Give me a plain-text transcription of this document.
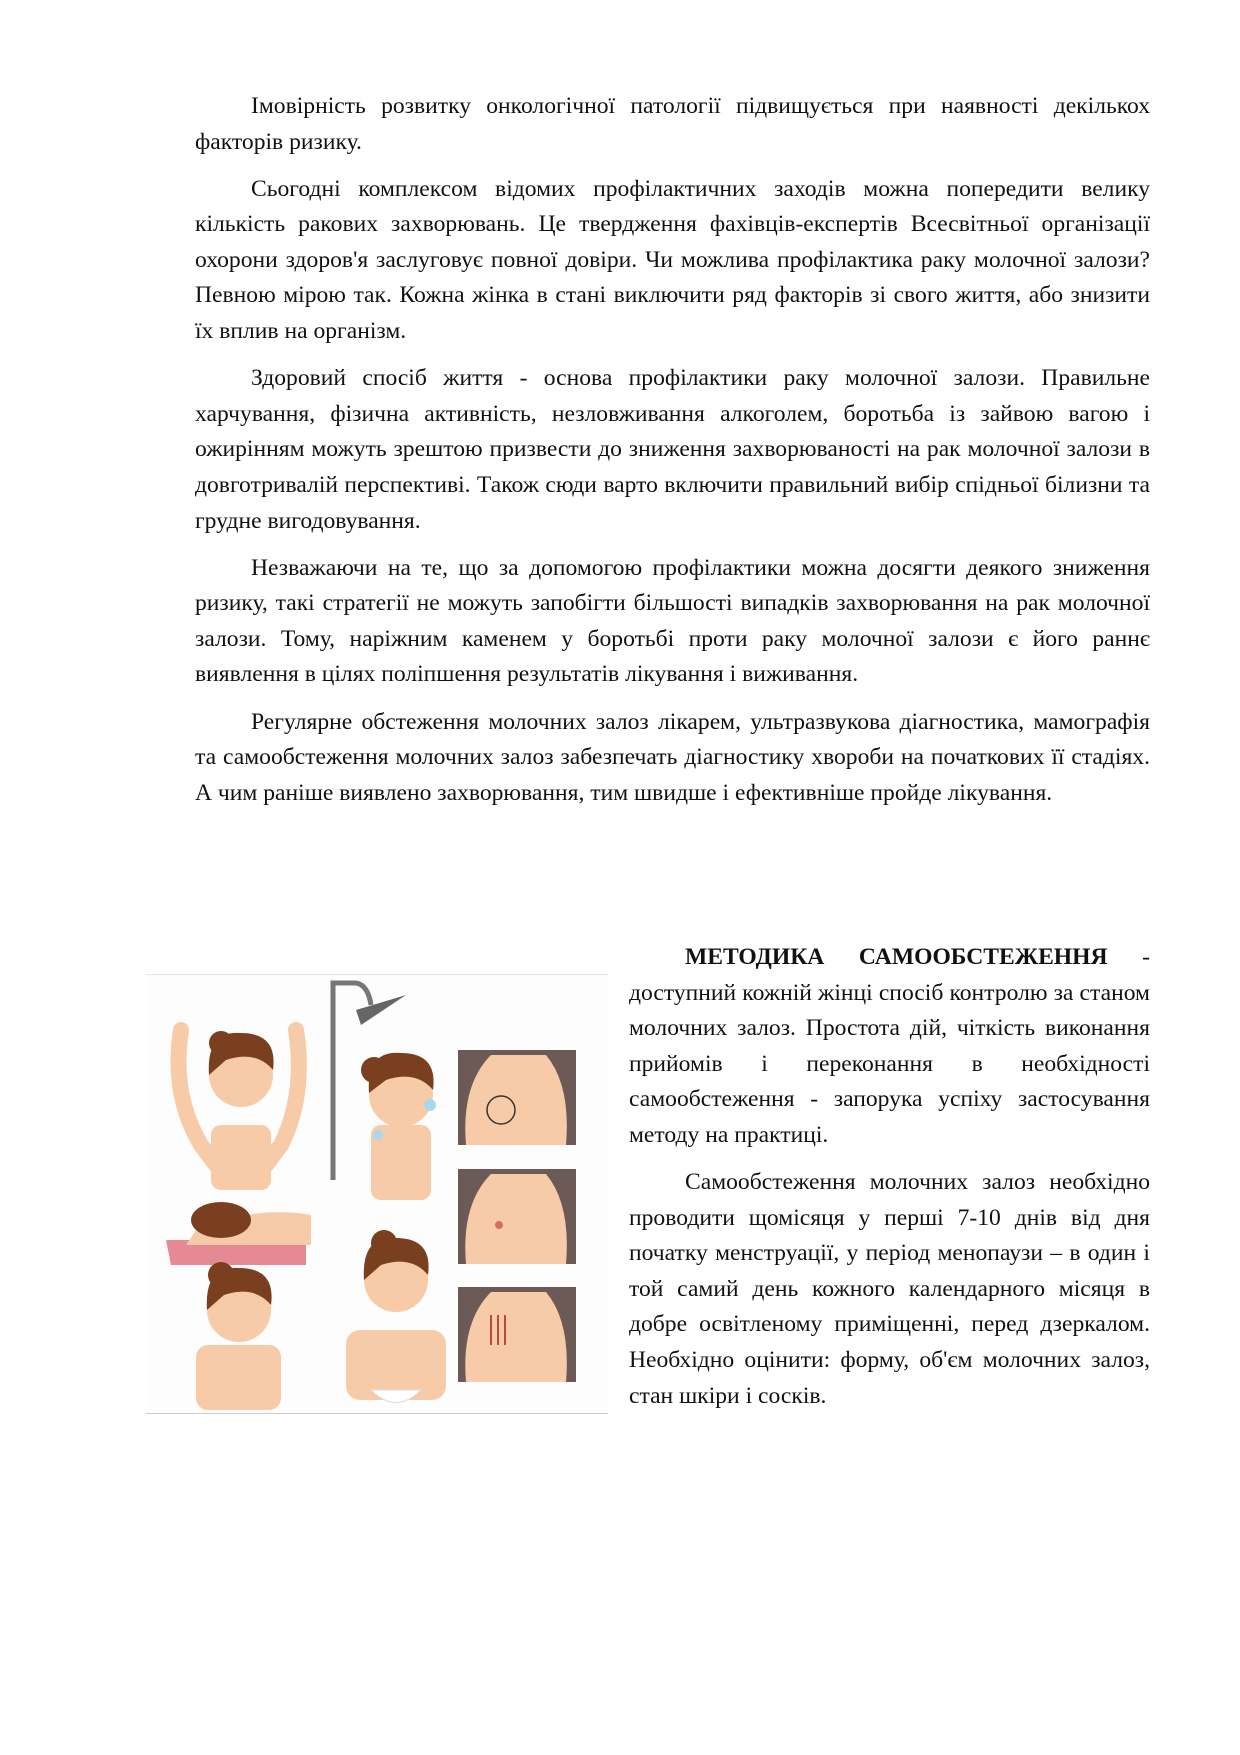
Імовірність розвитку онкологічної патології підвищується при наявності декількох факторів ризику.

Сьогодні комплексом відомих профілактичних заходів можна попередити велику кількість ракових захворювань. Це твердження фахівців-експертів Всесвітньої організації охорони здоров'я заслуговує повної довіри. Чи можлива профілактика раку молочної залози? Певною мірою так. Кожна жінка в стані виключити ряд факторів зі свого життя, або знизити їх вплив на організм.

Здоровий спосіб життя - основа профілактики раку молочної залози. Правильне харчування, фізична активність, незловживання алкоголем, боротьба із зайвою вагою і ожирінням можуть зрештою призвести до зниження захворюваності на рак молочної залози в довготривалій перспективі. Також сюди варто включити правильний вибір спідньої білизни та грудне вигодовування.

Незважаючи на те, що за допомогою профілактики можна досягти деякого зниження ризику, такі стратегії не можуть запобігти більшості випадків захворювання на рак молочної залози. Тому, наріжним каменем у боротьбі проти раку молочної залози є його раннє виявлення в цілях поліпшення результатів лікування і виживання.

Регулярне обстеження молочних залоз лікарем, ультразвукова діагностика, мамографія та самообстеження молочних залоз забезпечать діагностику хвороби на початкових її стадіях. А чим раніше виявлено захворювання, тим швидше і ефективніше пройде лікування.

МЕТОДИКА САМООБСТЕЖЕННЯ - доступний кожній жінці спосіб контролю за станом молочних залоз. Простота дій, чіткість виконання прийомів і переконання в необхідності самообстеження - запорука успіху застосування методу на практиці.

Самообстеження молочних залоз необхідно проводити щомісяця у перші 7-10 днів від дня початку менструації, у період менопаузи – в один і той самий день кожного календарного місяця в добре освітленому приміщенні, перед дзеркалом. Необхідно оцінити: форму, об'єм молочних залоз, стан шкіри і сосків.
